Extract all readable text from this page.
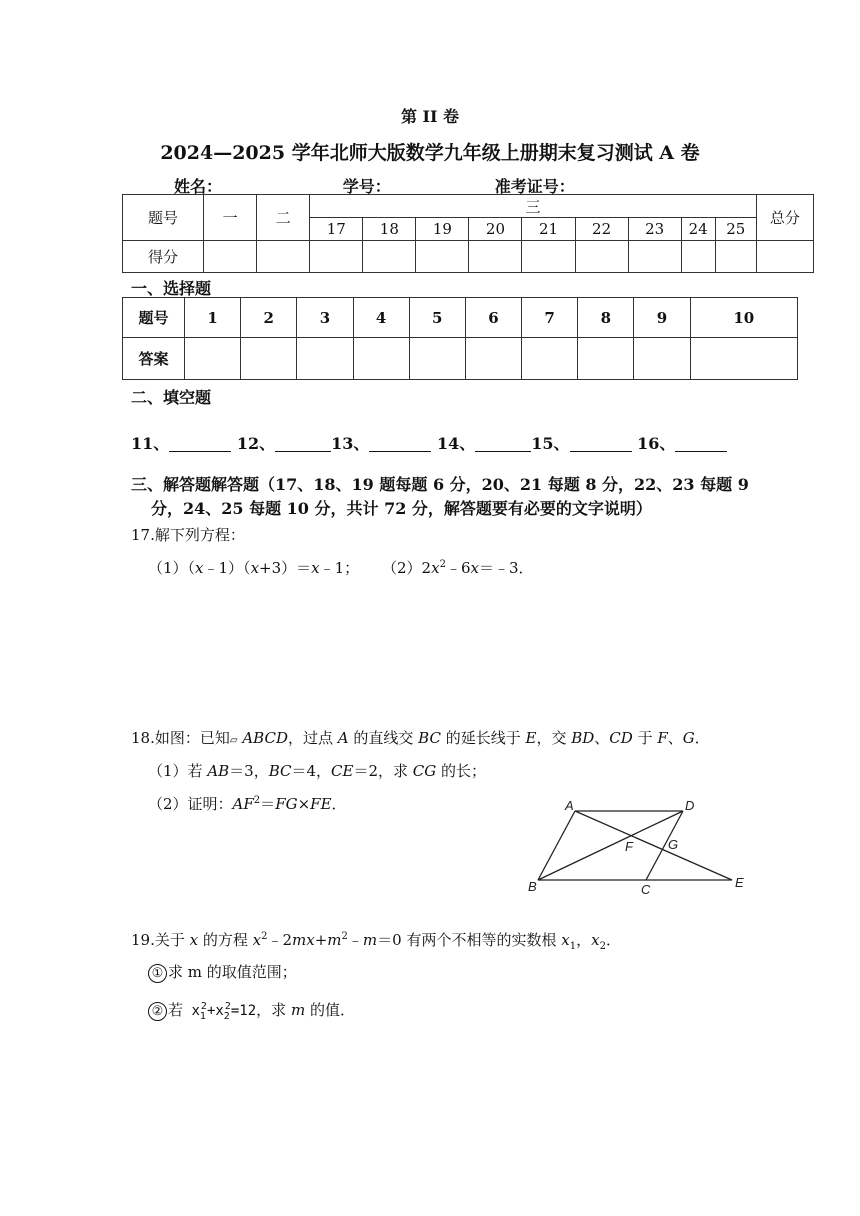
第 II 卷
2024—2025 学年北师大版数学九年级上册期末复习测试 A 卷
姓名：	学号：	准考证号：
题号	一	二	三									总分
			17	18	19	20	21	22	23	24	25	
得分												
一、选择题
题号	1	2	3	4	5	6	7	8	9	10
答案										
二、填空题
11、	12、	13、	14、	15、	16、
三、解答题解答题（17、18、19 题每题 6 分，20、21 每题 8 分，22、23 每题 9
分，24、25 每题 10 分，共计 72 分，解答题要有必要的文字说明）
17.解下列方程：
（1）（x﹣1）（x+3）＝x﹣1； $(2)2x^2﹣6x=﹣3$．
18.如图：已知▱ ABCD，过点 A 的直线交 BC 的延长线于 E，交 BD、CD 于 F、G．
（1）若 AB＝3，BC＝4，CE＝2，求 CG 的长；
（2）证明：$AF^2=FG\times FE$．	A	D
F	G
B	C	E
19.关于 x 的方程 $x^2﹣2mx+m^2﹣m=0$ 有两个不相等的实数根 $x_1$，$x_2$．
① 求 m 的取值范围；
② 若 $x_1^2+x_2^2=12$，求 m 的值．
